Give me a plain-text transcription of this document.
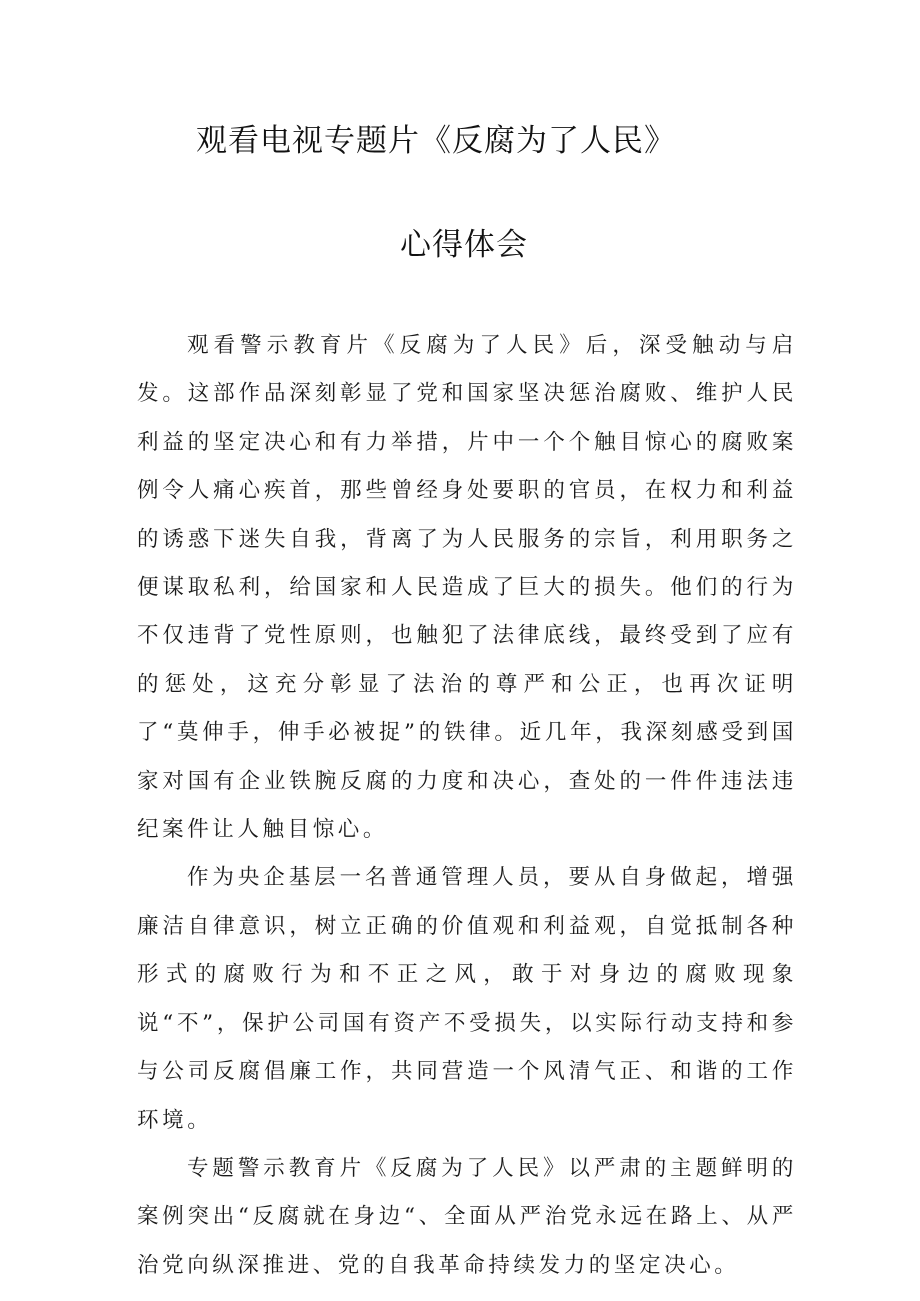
观看电视专题片《反腐为了人民》
心得体会

观看警示教育片《反腐为了人民》后，深受触动与启发。这部作品深刻彰显了党和国家坚决惩治腐败、维护人民利益的坚定决心和有力举措，片中一个个触目惊心的腐败案例令人痛心疾首，那些曾经身处要职的官员，在权力和利益的诱惑下迷失自我，背离了为人民服务的宗旨，利用职务之便谋取私利，给国家和人民造成了巨大的损失。他们的行为不仅违背了党性原则，也触犯了法律底线，最终受到了应有的惩处，这充分彰显了法治的尊严和公正，也再次证明了“莫伸手，伸手必被捉”的铁律。近几年，我深刻感受到国家对国有企业铁腕反腐的力度和决心，查处的一件件违法违纪案件让人触目惊心。

作为央企基层一名普通管理人员，要从自身做起，增强廉洁自律意识，树立正确的价值观和利益观，自觉抵制各种形式的腐败行为和不正之风，敢于对身边的腐败现象说“不”，保护公司国有资产不受损失，以实际行动支持和参与公司反腐倡廉工作，共同营造一个风清气正、和谐的工作环境。

专题警示教育片《反腐为了人民》以严肃的主题鲜明的案例突出“反腐就在身边“、全面从严治党永远在路上、从严治党向纵深推进、党的自我革命持续发力的坚定决心。
